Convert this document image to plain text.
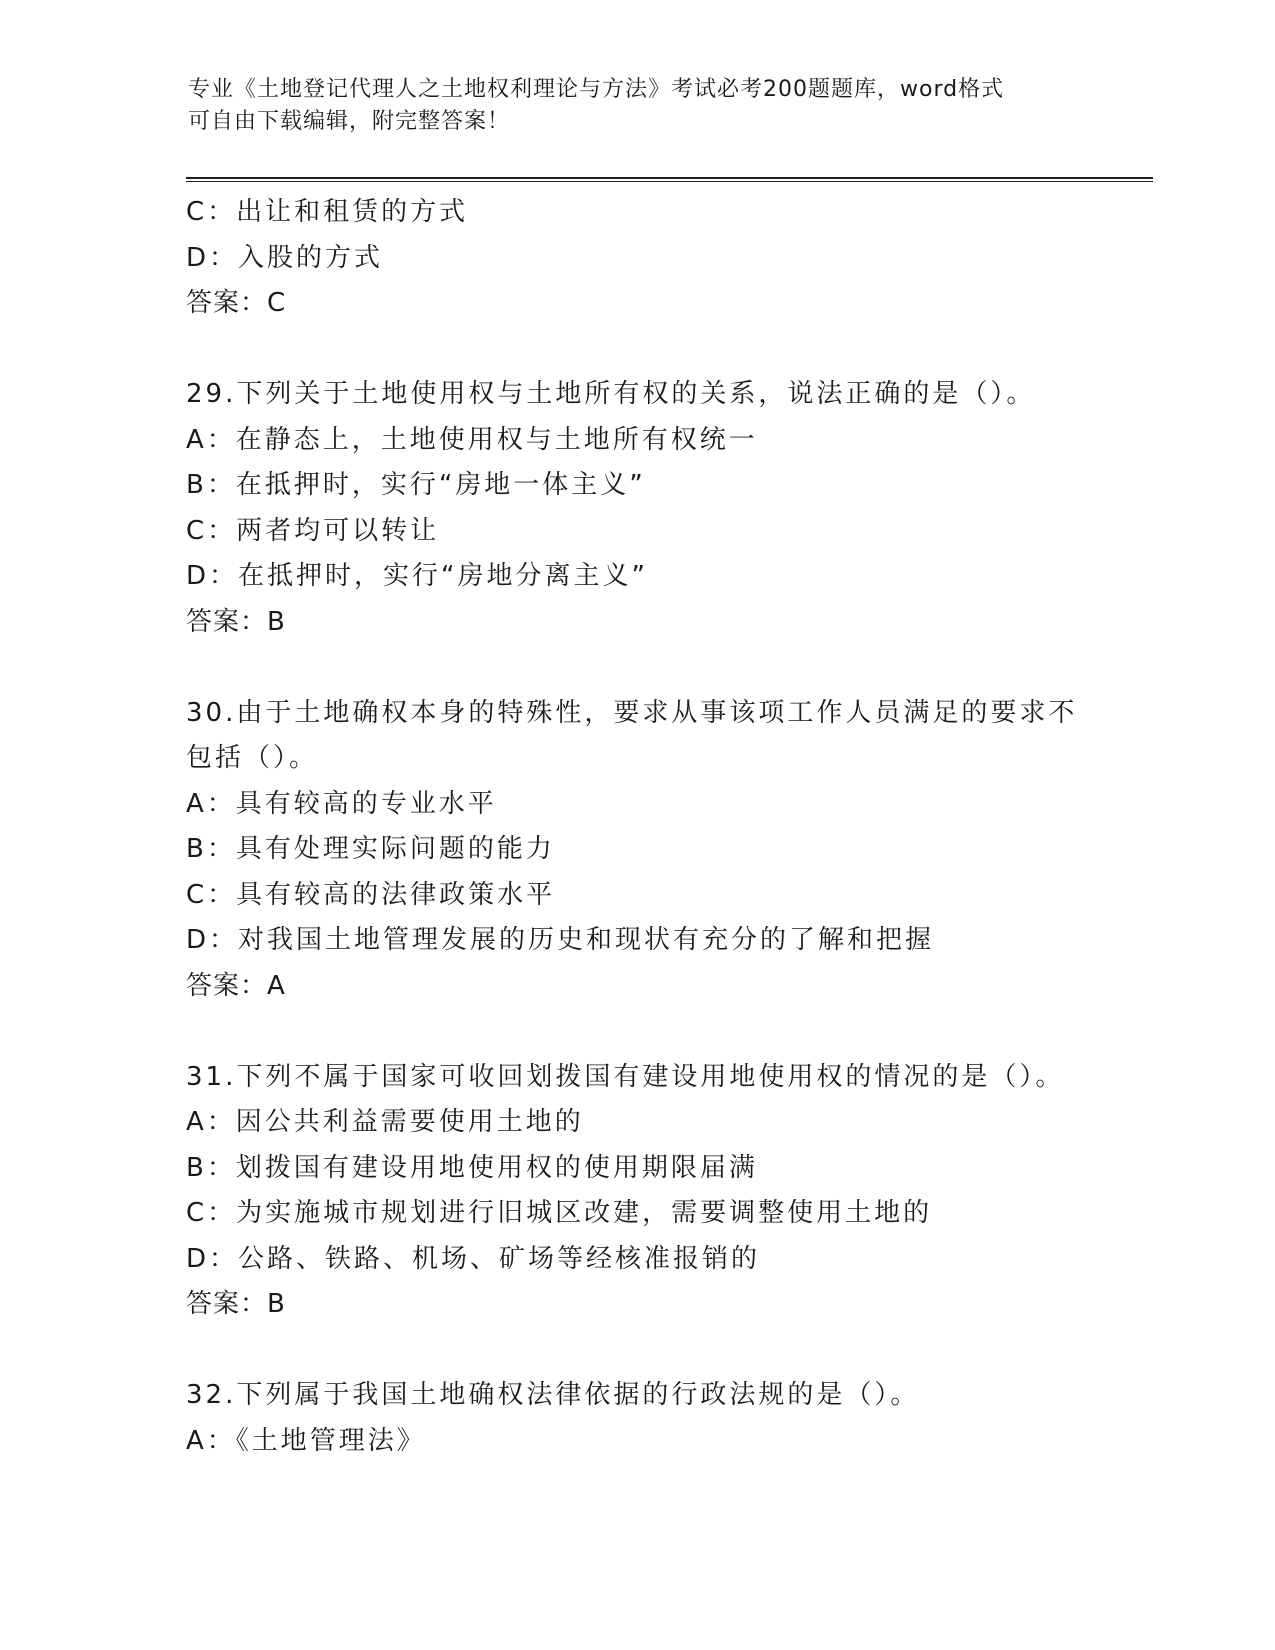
专业《土地登记代理人之土地权利理论与方法》考试必考200题题库，word格式
可自由下载编辑，附完整答案！
C：出让和租赁的方式
D：入股的方式
答案：C
29.下列关于土地使用权与土地所有权的关系，说法正确的是（）。
A：在静态上，土地使用权与土地所有权统一
B：在抵押时，实行“房地一体主义”
C：两者均可以转让
D：在抵押时，实行“房地分离主义”
答案：B
30.由于土地确权本身的特殊性，要求从事该项工作人员满足的要求不
包括（）。
A：具有较高的专业水平
B：具有处理实际问题的能力
C：具有较高的法律政策水平
D：对我国土地管理发展的历史和现状有充分的了解和把握
答案：A
31.下列不属于国家可收回划拨国有建设用地使用权的情况的是（）。
A：因公共利益需要使用土地的
B：划拨国有建设用地使用权的使用期限届满
C：为实施城市规划进行旧城区改建，需要调整使用土地的
D：公路、铁路、机场、矿场等经核准报销的
答案：B
32.下列属于我国土地确权法律依据的行政法规的是（）。
A：《土地管理法》
